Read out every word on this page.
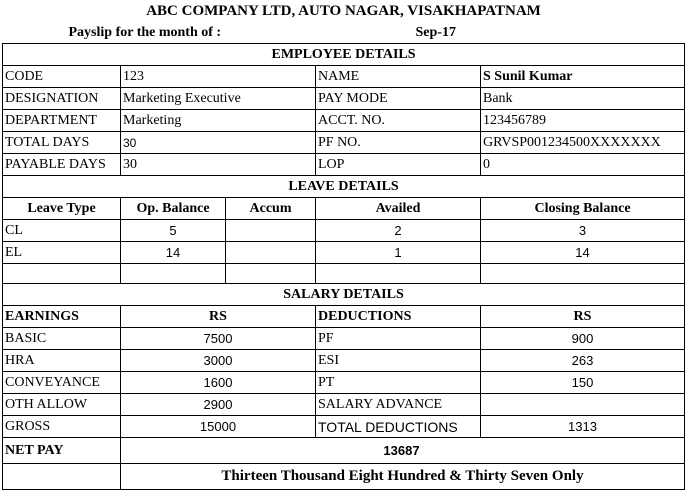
ABC COMPANY LTD, AUTO NAGAR, VISAKHAPATNAM				
Payslip for the month of :			Sep-17	
EMPLOYEE DETAILS				
CODE	123		NAME	S Sunil Kumar
DESIGNATION	Marketing Executive		PAY MODE	Bank
DEPARTMENT	Marketing		ACCT. NO.	123456789
TOTAL DAYS	30		PF NO.	GRVSP001234500XXXXXXX
PAYABLE DAYS	30		LOP	0
LEAVE DETAILS				
Leave Type	Op. Balance	Accum	Availed	Closing Balance
CL	5		2	3
EL	14		1	14

SALARY DETAILS				
EARNINGS	RS		DEDUCTIONS	RS
BASIC	7500		PF	900
HRA	3000		ESI	263
CONVEYANCE	1600		PT	150
OTH ALLOW	2900		SALARY ADVANCE	
GROSS	15000		TOTAL DEDUCTIONS	1313
NET PAY	13687			
	Thirteen Thousand Eight Hundred & Thirty Seven Only			
